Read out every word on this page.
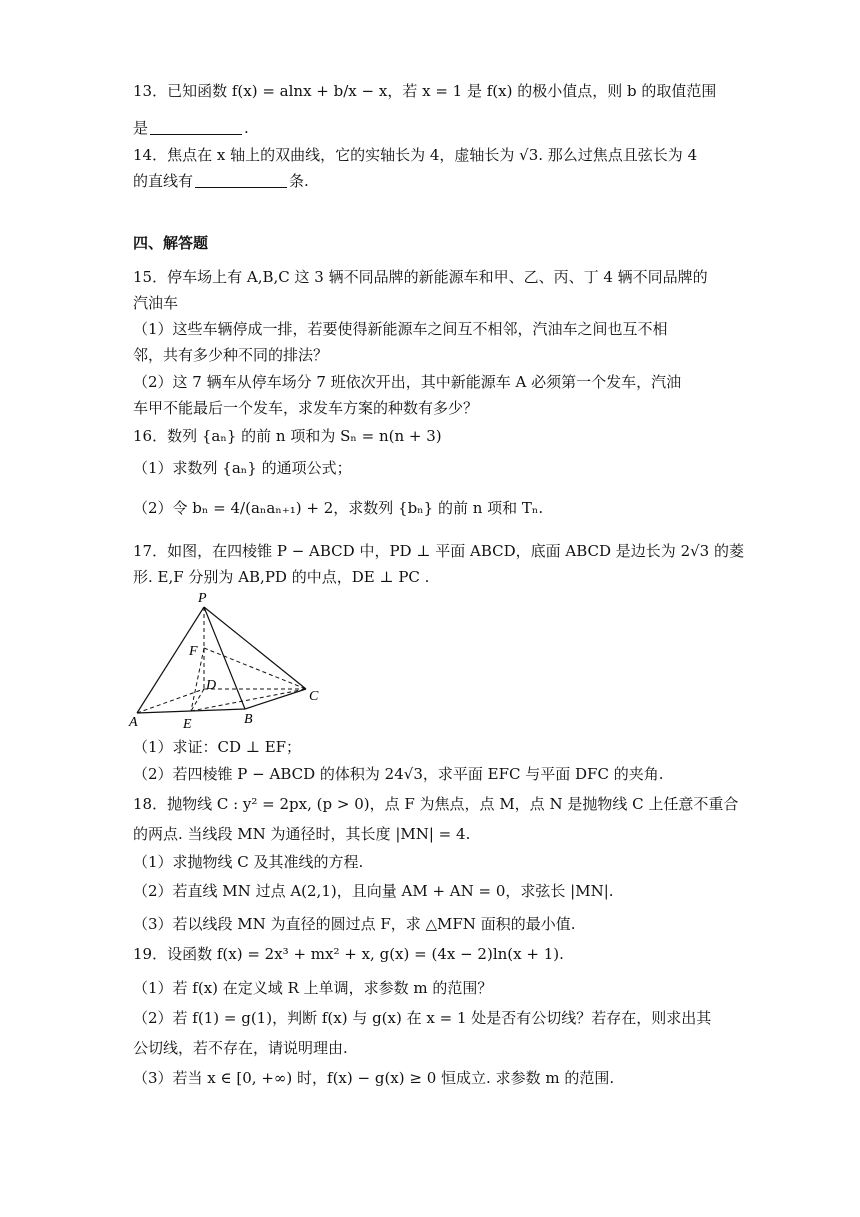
13．已知函数 f(x) = alnx + b/x − x，若 x = 1 是 f(x) 的极小值点，则 b 的取值范围
是	.
14．焦点在 x 轴上的双曲线，它的实轴长为 4，虚轴长为 √3. 那么过焦点且弦长为 4
的直线有	条.
四、解答题
15．停车场上有 A,B,C 这 3 辆不同品牌的新能源车和甲、乙、丙、丁 4 辆不同品牌的
汽油车
（1）这些车辆停成一排，若要使得新能源车之间互不相邻，汽油车之间也互不相
邻，共有多少种不同的排法？
（2）这 7 辆车从停车场分 7 班依次开出，其中新能源车 A 必须第一个发车，汽油
车甲不能最后一个发车，求发车方案的种数有多少？
16．数列 {aₙ} 的前 n 项和为 Sₙ = n(n + 3)
（1）求数列 {aₙ} 的通项公式；
（2）令 bₙ = 4/(aₙaₙ₊₁) + 2，求数列 {bₙ} 的前 n 项和 Tₙ.
17．如图，在四棱锥 P − ABCD 中，PD ⊥ 平面 ABCD，底面 ABCD 是边长为 2√3 的菱
形. E,F 分别为 AB,PD 的中点，DE ⊥ PC .
P
F
D
C
A	E	B
（1）求证：CD ⊥ EF；
（2）若四棱锥 P − ABCD 的体积为 24√3，求平面 EFC 与平面 DFC 的夹角.
18．抛物线 C : y² = 2px, (p > 0)，点 F 为焦点，点 M，点 N 是抛物线 C 上任意不重合
的两点. 当线段 MN 为通径时，其长度 |MN| = 4.
（1）求抛物线 C 及其准线的方程.
（2）若直线 MN 过点 A(2,1)，且向量 AM + AN = 0，求弦长 |MN|.
（3）若以线段 MN 为直径的圆过点 F，求 △MFN 面积的最小值.
19．设函数 f(x) = 2x³ + mx² + x, g(x) = (4x − 2)ln(x + 1).
（1）若 f(x) 在定义域 R 上单调，求参数 m 的范围？
（2）若 f(1) = g(1)，判断 f(x) 与 g(x) 在 x = 1 处是否有公切线？若存在，则求出其
公切线，若不存在，请说明理由.
（3）若当 x ∈ [0, +∞) 时，f(x) − g(x) ≥ 0 恒成立. 求参数 m 的范围.
